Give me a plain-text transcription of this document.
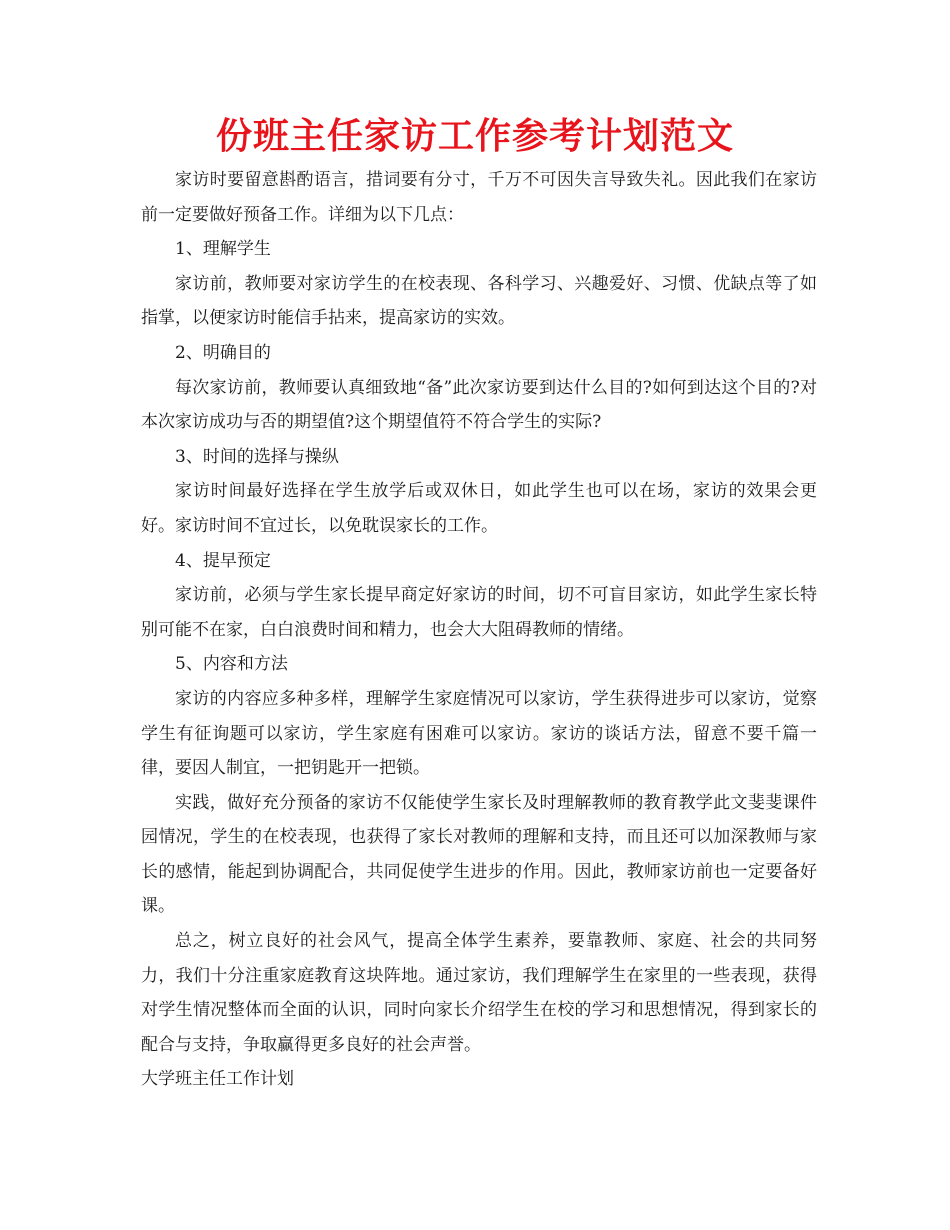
份班主任家访工作参考计划范文

家访时要留意斟酌语言，措词要有分寸，千万不可因失言导致失礼。因此我们在家访前一定要做好预备工作。详细为以下几点：

1、理解学生

家访前，教师要对家访学生的在校表现、各科学习、兴趣爱好、习惯、优缺点等了如指掌，以便家访时能信手拈来，提高家访的实效。

2、明确目的

每次家访前，教师要认真细致地“备”此次家访要到达什么目的?如何到达这个目的?对本次家访成功与否的期望值?这个期望值符不符合学生的实际?

3、时间的选择与操纵

家访时间最好选择在学生放学后或双休日，如此学生也可以在场，家访的效果会更好。家访时间不宜过长，以免耽误家长的工作。

4、提早预定

家访前，必须与学生家长提早商定好家访的时间，切不可盲目家访，如此学生家长特别可能不在家，白白浪费时间和精力，也会大大阻碍教师的情绪。

5、内容和方法

家访的内容应多种多样，理解学生家庭情况可以家访，学生获得进步可以家访，觉察学生有征询题可以家访，学生家庭有困难可以家访。家访的谈话方法，留意不要千篇一律，要因人制宜，一把钥匙开一把锁。

实践，做好充分预备的家访不仅能使学生家长及时理解教师的教育教学此文斐斐课件园情况，学生的在校表现，也获得了家长对教师的理解和支持，而且还可以加深教师与家长的感情，能起到协调配合，共同促使学生进步的作用。因此，教师家访前也一定要备好课。

总之，树立良好的社会风气，提高全体学生素养，要靠教师、家庭、社会的共同努力，我们十分注重家庭教育这块阵地。通过家访，我们理解学生在家里的一些表现，获得对学生情况整体而全面的认识，同时向家长介绍学生在校的学习和思想情况，得到家长的配合与支持，争取赢得更多良好的社会声誉。

大学班主任工作计划
